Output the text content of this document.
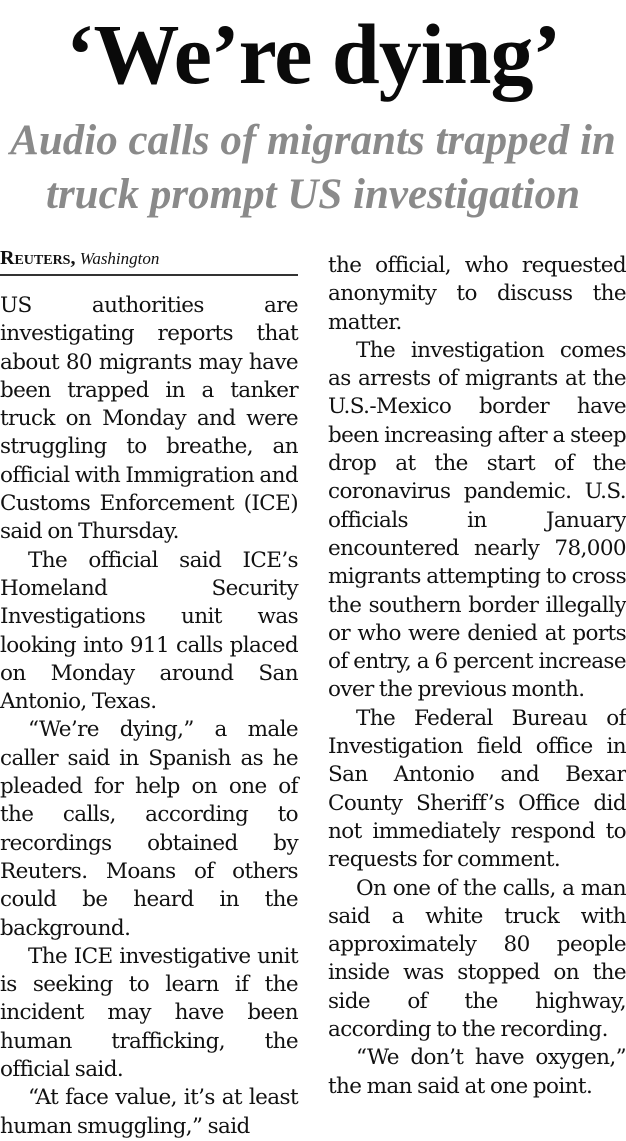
‘We’re dying’
Audio calls of migrants trapped in truck prompt US investigation
Reuters, Washington

US authorities are investigating reports that about 80 migrants may have been trapped in a tanker truck on Monday and were struggling to breathe, an official with Immigration and Customs Enforcement (ICE) said on Thursday.

The official said ICE’s Homeland Security Investigations unit was looking into 911 calls placed on Monday around San Antonio, Texas.

“We’re dying,” a male caller said in Spanish as he pleaded for help on one of the calls, according to recordings obtained by Reuters. Moans of others could be heard in the background.

The ICE investigative unit is seeking to learn if the incident may have been human trafficking, the official said.

“At face value, it’s at least human smuggling,” said

the official, who requested anonymity to discuss the matter.

The investigation comes as arrests of migrants at the U.S.-Mexico border have been increasing after a steep drop at the start of the coronavirus pandemic. U.S. officials in January encountered nearly 78,000 migrants attempting to cross the southern border illegally or who were denied at ports of entry, a 6 percent increase over the previous month.

The Federal Bureau of Investigation field office in San Antonio and Bexar County Sheriff’s Office did not immediately respond to requests for comment.

On one of the calls, a man said a white truck with approximately 80 people inside was stopped on the side of the highway, according to the recording.

“We don’t have oxygen,” the man said at one point.
